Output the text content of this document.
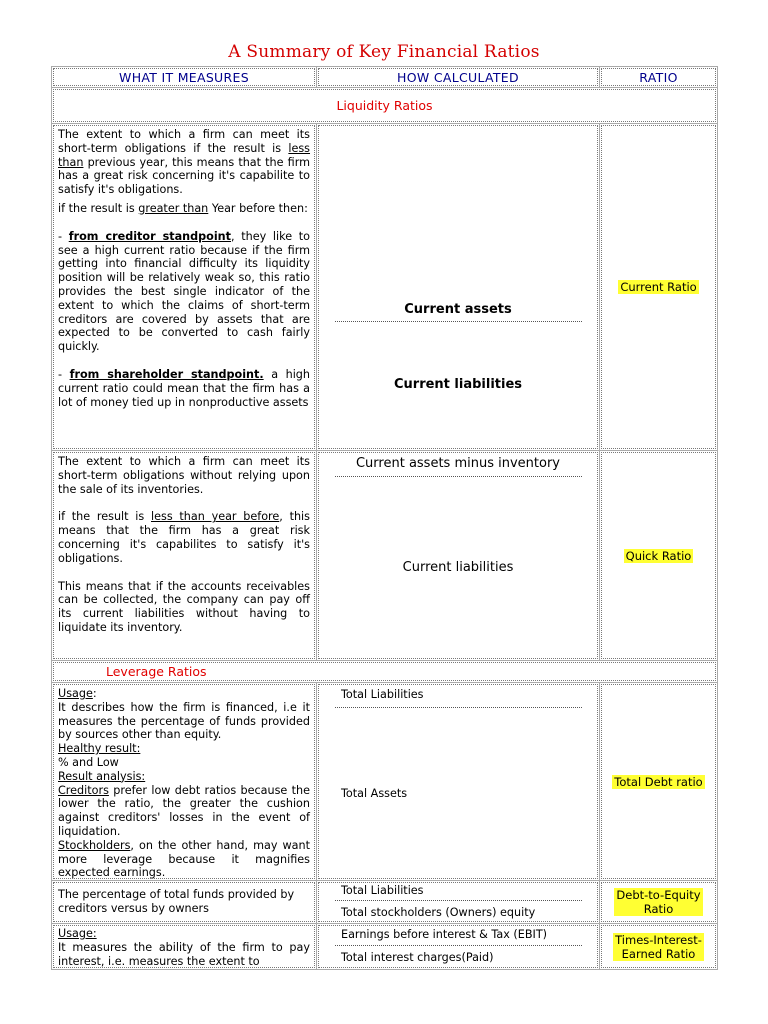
A Summary of Key Financial Ratios
WHAT IT MEASURES	HOW CALCULATED	RATIO
Liquidity Ratios

The extent to which a firm can meet its short-term obligations if the result is less than previous year, this means that the firm has a great risk concerning it's capabilite to satisfy it's obligations.

if the result is greater than Year before then:

- from creditor standpoint, they like to see a high current ratio because if the firm getting into financial difficulty its liquidity position will be relatively weak so, this ratio provides the best single indicator of the extent to which the claims of short-term creditors are covered by assets that are expected to be converted to cash fairly quickly.

- from shareholder standpoint. a high current ratio could mean that the firm has a lot of money tied up in nonproductive assets

Current assets
Current liabilities
Current Ratio

The extent to which a firm can meet its short-term obligations without relying upon the sale of its inventories.

if the result is less than year before, this means that the firm has a great risk concerning it's capabilites to satisfy it's obligations.

This means that if the accounts receivables can be collected, the company can pay off its current liabilities without having to liquidate its inventory.

Current assets minus inventory
Current liabilities
Quick Ratio
Leverage Ratios

Usage:

It describes how the firm is financed, i.e it measures the percentage of funds provided by sources other than equity.

Healthy result:

% and Low

Result analysis:

Creditors prefer low debt ratios because the lower the ratio, the greater the cushion against creditors' losses in the event of liquidation.

Stockholders, on the other hand, may want more leverage because it magnifies expected earnings.

Total Liabilities
Total Assets
Total Debt ratio
The percentage of total funds provided by creditors versus by owners
Total Liabilities
Total stockholders (Owners) equity
Debt-to-Equity
Ratio

Usage:

It measures the ability of the firm to pay interest, i.e. measures the extent to

Earnings before interest & Tax (EBIT)
Total interest charges(Paid)
Times-Interest-
Earned Ratio
